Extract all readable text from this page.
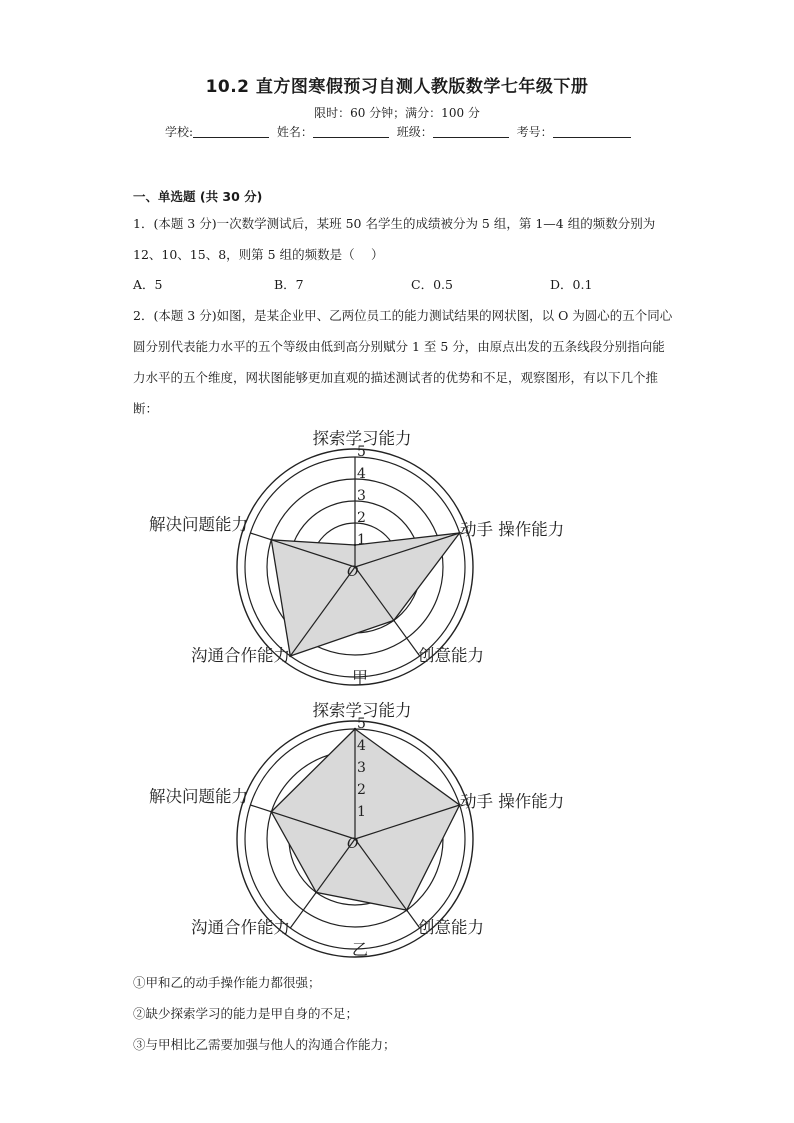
10.2 直方图寒假预习自测人教版数学七年级下册
限时：60 分钟；满分：100 分
学校:	姓名：	班级：	考号：
一、单选题 (共 30 分)
1．(本题 3 分)一次数学测试后，某班 50 名学生的成绩被分为 5 组，第 1—4 组的频数分别为 12、10、15、8，则第 5 组的频数是（　 ）
A．5	B．7	C．0.5	D．0.1
2．(本题 3 分)如图，是某企业甲、乙两位员工的能力测试结果的网状图，以 O 为圆心的五个同心圆分别代表能力水平的五个等级由低到高分别赋分 1 至 5 分，由原点出发的五条线段分别指向能力水平的五个维度，网状图能够更加直观的描述测试者的优势和不足，观察图形，有以下几个推断：
1
2
3
4
5
O
探索学习能力
动手 操作能力
创意能力
沟通合作能力
解决问题能力
甲
1
2
3
4
5
O
探索学习能力
动手 操作能力
创意能力
沟通合作能力
解决问题能力
乙
①甲和乙的动手操作能力都很强；
②缺少探索学习的能力是甲自身的不足；
③与甲相比乙需要加强与他人的沟通合作能力；
